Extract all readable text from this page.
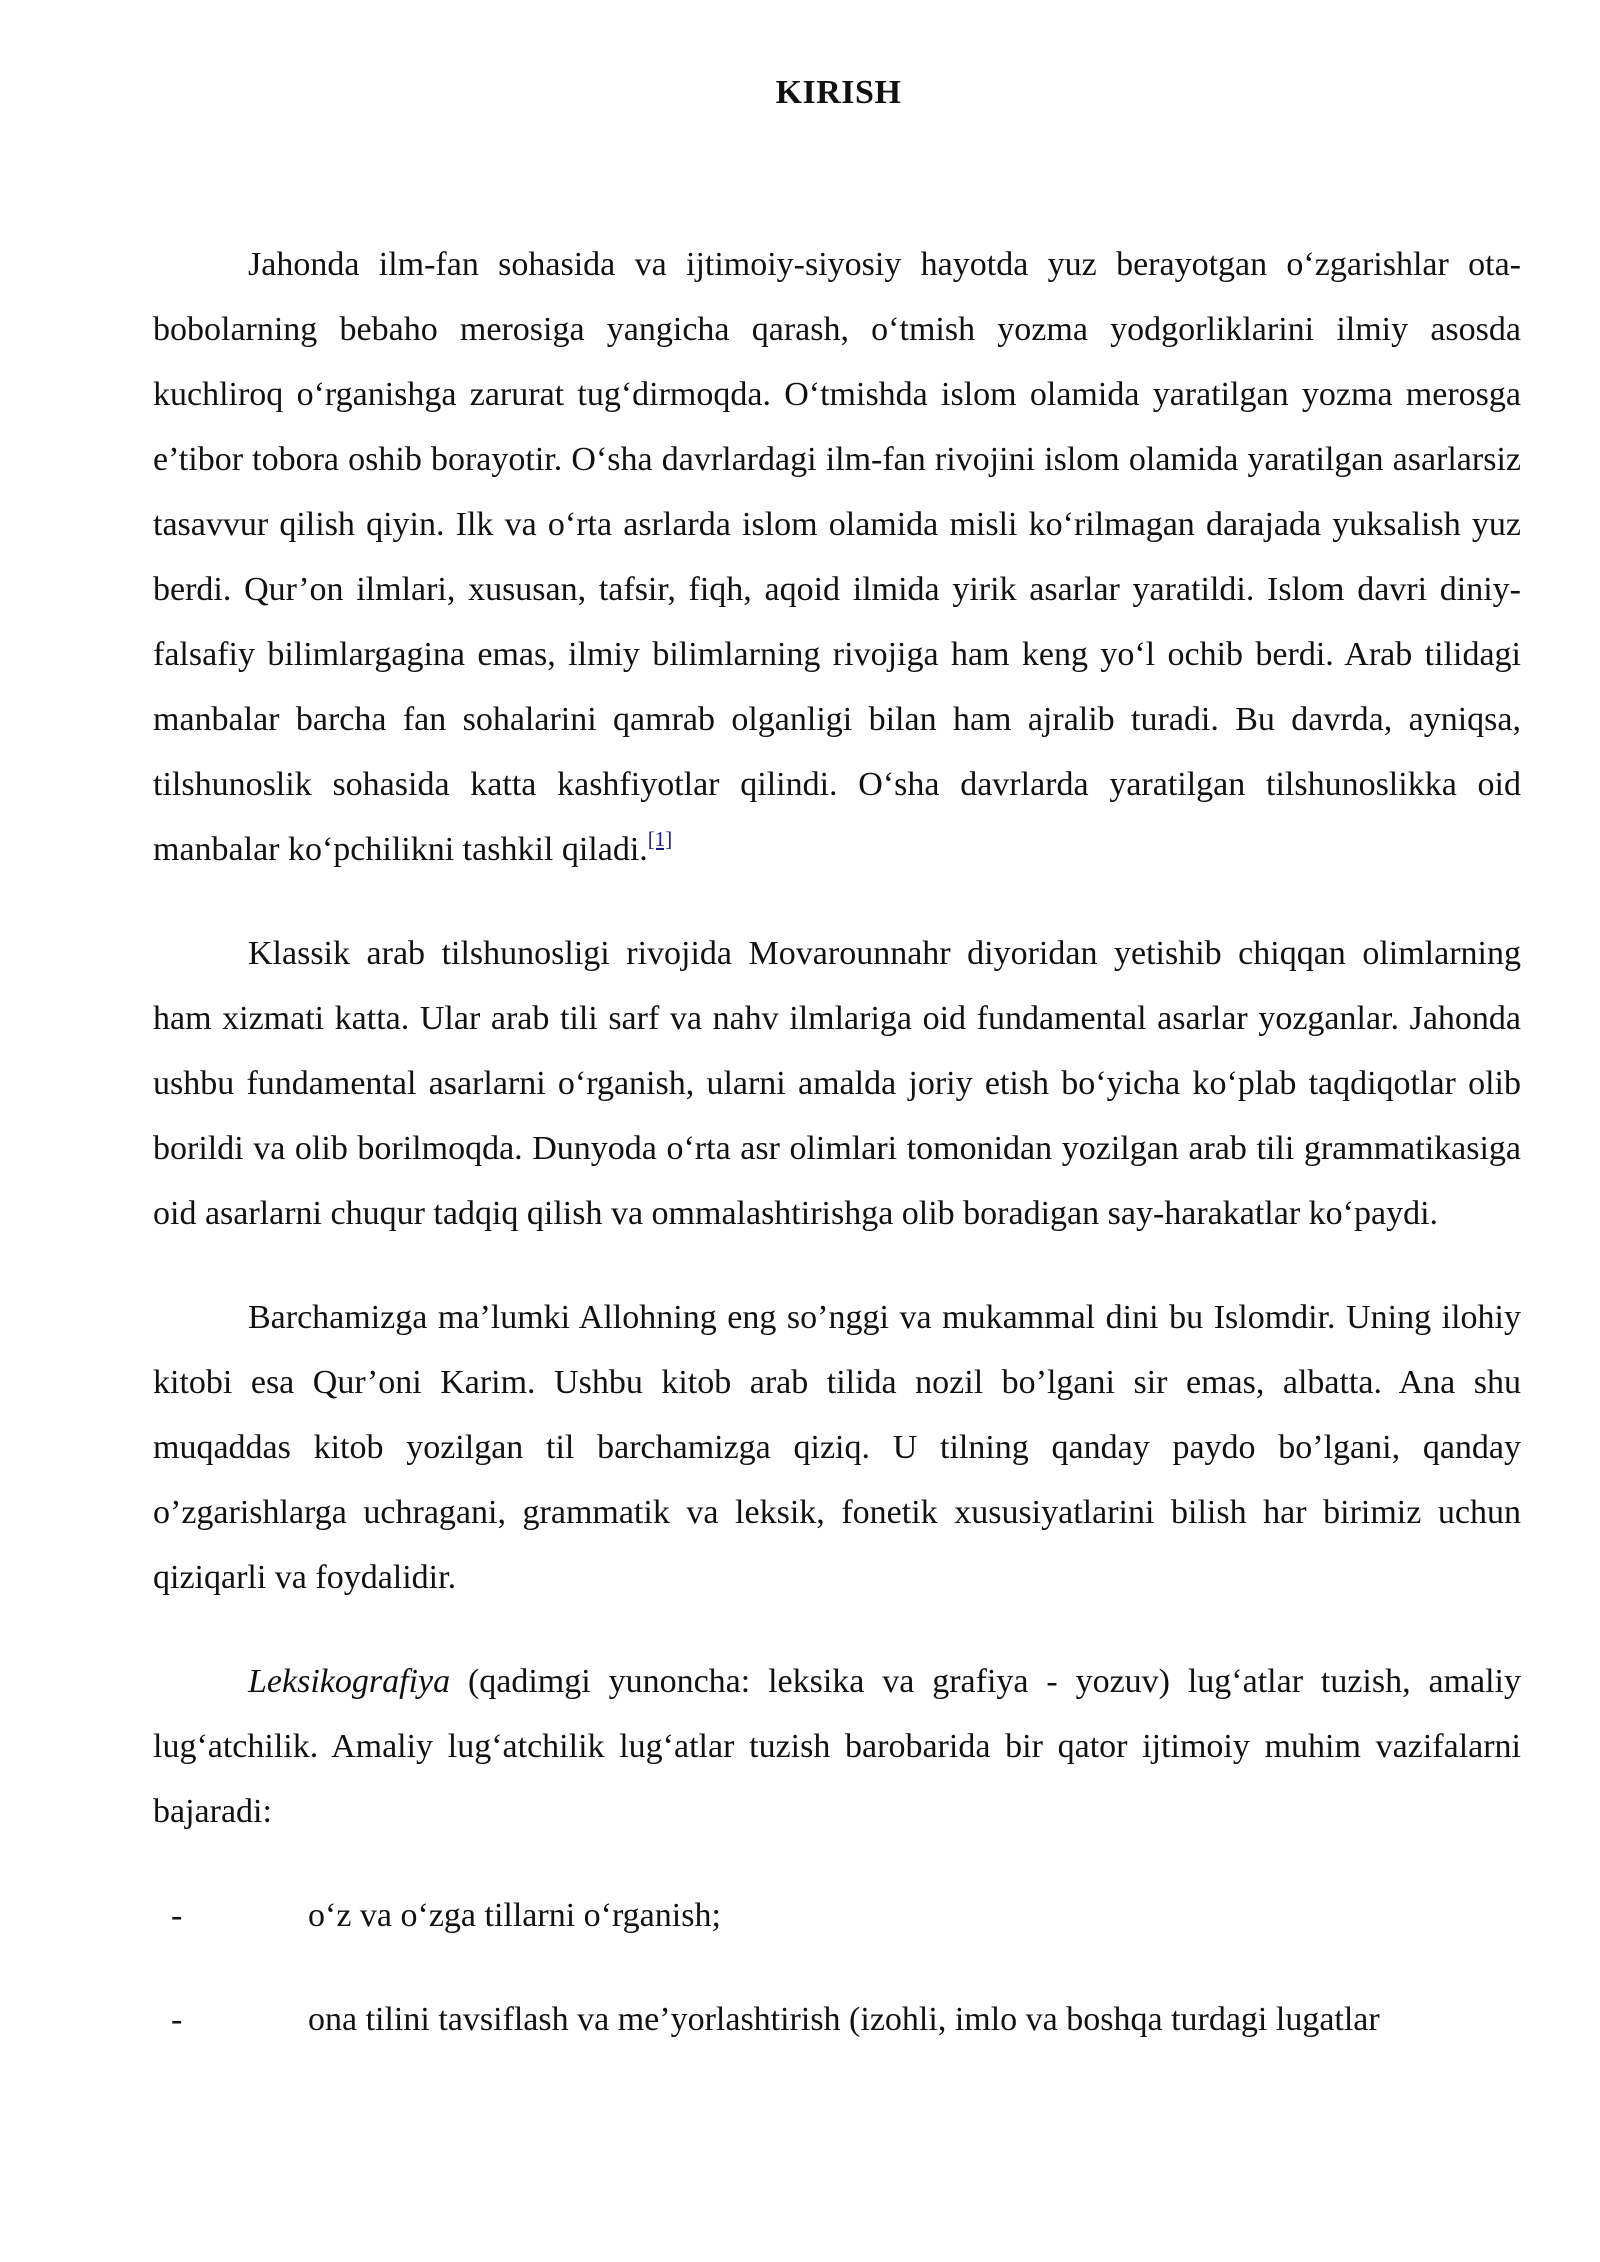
KIRISH

Jahonda ilm-fan sohasida va ijtimoiy-siyosiy hayotda yuz berayotgan o‘zgarishlar ota-bobolarning bebaho merosiga yangicha qarash, o‘tmish yozma yodgorliklarini ilmiy asosda kuchliroq o‘rganishga zarurat tug‘dirmoqda. O‘tmishda islom olamida yaratilgan yozma merosga e’tibor tobora oshib borayotir. O‘sha davrlardagi ilm-fan rivojini islom olamida yaratilgan asarlarsiz tasavvur qilish qiyin. Ilk va o‘rta asrlarda islom olamida misli ko‘rilmagan darajada yuksalish yuz berdi. Qur’on ilmlari, xususan, tafsir, fiqh, aqoid ilmida yirik asarlar yaratildi. Islom davri diniy-falsafiy bilimlargagina emas, ilmiy bilimlarning rivojiga ham keng yo‘l ochib berdi. Arab tilidagi manbalar barcha fan sohalarini qamrab olganligi bilan ham ajralib turadi. Bu davrda, ayniqsa, tilshunoslik sohasida katta kashfiyotlar qilindi. O‘sha davrlarda yaratilgan tilshunoslikka oid manbalar ko‘pchilikni tashkil qiladi.[1]

Klassik arab tilshunosligi rivojida Movarounnahr diyoridan yetishib chiqqan olimlarning ham xizmati katta. Ular arab tili sarf va nahv ilmlariga oid fundamental asarlar yozganlar. Jahonda ushbu fundamental asarlarni o‘rganish, ularni amalda joriy etish bo‘yicha ko‘plab taqdiqotlar olib borildi va olib borilmoqda. Dunyoda o‘rta asr olimlari tomonidan yozilgan arab tili grammatikasiga oid asarlarni chuqur tadqiq qilish va ommalashtirishga olib boradigan say-harakatlar ko‘paydi.

Barchamizga ma’lumki Allohning eng so’nggi va mukammal dini bu Islomdir. Uning ilohiy kitobi esa Qur’oni Karim. Ushbu kitob arab tilida nozil bo’lgani sir emas, albatta. Ana shu muqaddas kitob yozilgan til barchamizga qiziq. U tilning qanday paydo bo’lgani, qanday o’zgarishlarga uchragani, grammatik va leksik, fonetik xususiyatlarini bilish har birimiz uchun qiziqarli va foydalidir.

Leksikografiya (qadimgi yunoncha: leksika va grafiya - yozuv) lug‘atlar tuzish, amaliy lug‘atchilik. Amaliy lug‘atchilik lug‘atlar tuzish barobarida bir qator ijtimoiy muhim vazifalarni bajaradi:

-	o‘z va o‘zga tillarni o‘rganish;
-	ona tilini tavsiflash va me’yorlashtirish (izohli, imlo va boshqa turdagi lugatlar
